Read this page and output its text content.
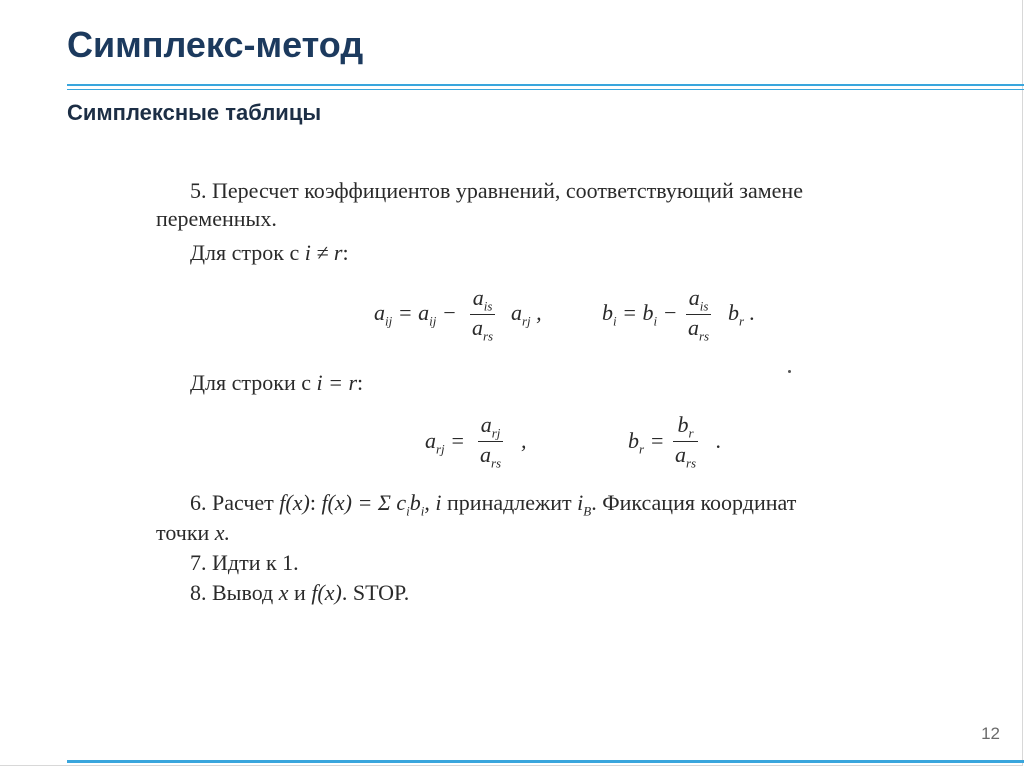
Симплекс-метод
Симплексные таблицы
5. Пересчет коэффициентов уравнений, соответствующий замене
переменных.
Для строк с i ≠ r:
$a_{ij} = a_{ij}$ −
$a_{is}$
$a_{rs}$
$a_{rj}$ ,	$b_i = b_i$ −
$a_{is}$
$a_{rs}$
$b_r$ .
Для строки с i = r:
$a_{rj}$ =
$a_{rj}$
$a_{rs}$
,	$b_r$ =
$b_r$
$a_{rs}$
.
6. Расчет f(x): f(x) = Σ $c_ib_i$, i принадлежит $i_B$. Фиксация координат
точки x.
7. Идти к 1.
8. Вывод x и f(x). STOP.
12
